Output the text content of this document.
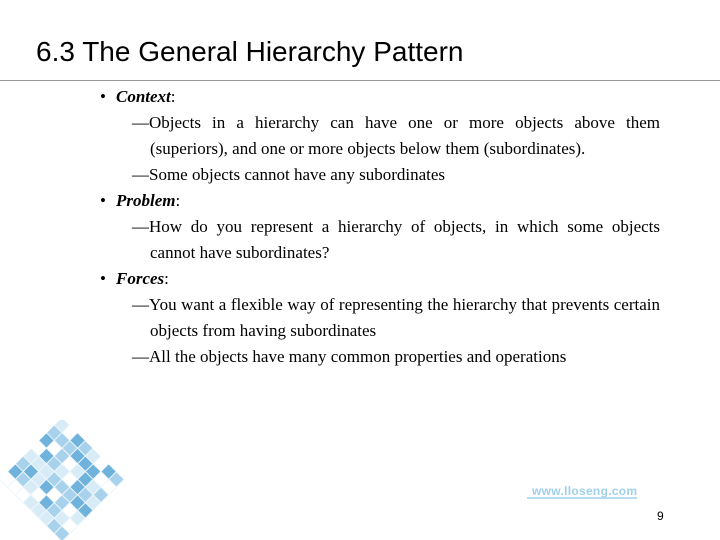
6.3 The General Hierarchy Pattern
• Context:
—Objects in a hierarchy can have one or more objects above them (superiors), and one or more objects below them (subordinates).
—Some objects cannot have any subordinates
• Problem:
—How do you represent a hierarchy of objects, in which some objects cannot have subordinates?
• Forces:
—You want a flexible way of representing the hierarchy that prevents certain objects from having subordinates
—All the objects have many common properties and operations
www.lloseng.com
9
